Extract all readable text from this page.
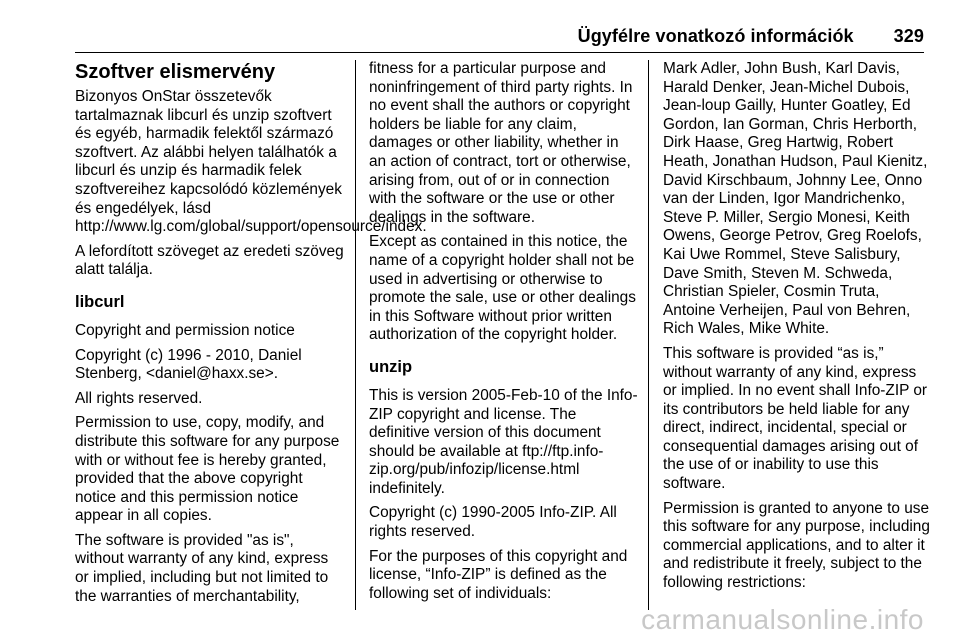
Ügyfélre vonatkozó információk 329
Szoftver elismervény

Bizonyos OnStar összetevők tartalmaznak libcurl és unzip szoftvert és egyéb, harmadik felektől származó szoftvert. Az alábbi helyen találhatók a libcurl és unzip és harmadik felek szoftvereihez kapcsolódó közlemények és engedélyek, lásd http://www.lg.com/global/support/opensource/index.

A lefordított szöveget az eredeti szöveg alatt találja.

libcurl

Copyright and permission notice

Copyright (c) 1996 - 2010, Daniel Stenberg, <daniel@haxx.se>.

All rights reserved.

Permission to use, copy, modify, and distribute this software for any purpose with or without fee is hereby granted, provided that the above copyright notice and this permission notice appear in all copies.

The software is provided "as is", without warranty of any kind, express or implied, including but not limited to the warranties of merchantability,

fitness for a particular purpose and noninfringement of third party rights. In no event shall the authors or copyright holders be liable for any claim, damages or other liability, whether in an action of contract, tort or otherwise, arising from, out of or in connection with the software or the use or other dealings in the software.

Except as contained in this notice, the name of a copyright holder shall not be used in advertising or otherwise to promote the sale, use or other dealings in this Software without prior written authorization of the copyright holder.

unzip

This is version 2005-Feb-10 of the Info-ZIP copyright and license. The definitive version of this document should be available at ftp://ftp.info-zip.org/pub/infozip/license.html indefinitely.

Copyright (c) 1990-2005 Info-ZIP. All rights reserved.

For the purposes of this copyright and license, “Info-ZIP” is defined as the following set of individuals:

Mark Adler, John Bush, Karl Davis, Harald Denker, Jean-Michel Dubois, Jean-loup Gailly, Hunter Goatley, Ed Gordon, Ian Gorman, Chris Herborth, Dirk Haase, Greg Hartwig, Robert Heath, Jonathan Hudson, Paul Kienitz, David Kirschbaum, Johnny Lee, Onno van der Linden, Igor Mandrichenko, Steve P. Miller, Sergio Monesi, Keith Owens, George Petrov, Greg Roelofs, Kai Uwe Rommel, Steve Salisbury, Dave Smith, Steven M. Schweda, Christian Spieler, Cosmin Truta, Antoine Verheijen, Paul von Behren, Rich Wales, Mike White.

This software is provided “as is,” without warranty of any kind, express or implied. In no event shall Info-ZIP or its contributors be held liable for any direct, indirect, incidental, special or consequential damages arising out of the use of or inability to use this software.

Permission is granted to anyone to use this software for any purpose, including commercial applications, and to alter it and redistribute it freely, subject to the following restrictions:

carmanualsonline.info
